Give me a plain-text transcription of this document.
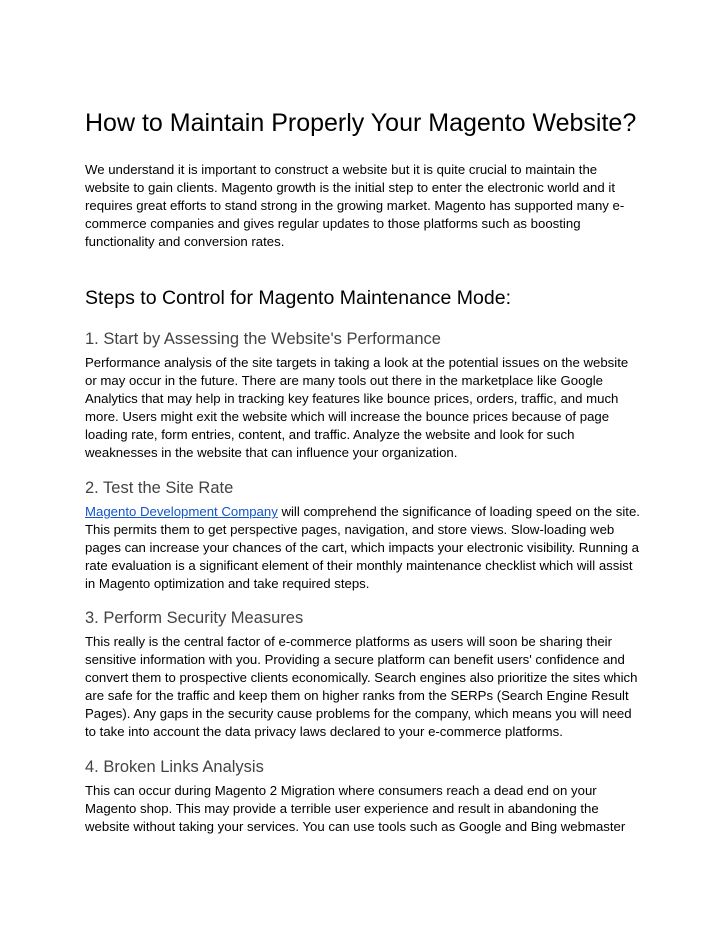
How to Maintain Properly Your Magento Website?

We understand it is important to construct a website but it is quite crucial to maintain the website to gain clients. Magento growth is the initial step to enter the electronic world and it requires great efforts to stand strong in the growing market. Magento has supported many e-commerce companies and gives regular updates to those platforms such as boosting functionality and conversion rates.

Steps to Control for Magento Maintenance Mode:
1. Start by Assessing the Website's Performance

Performance analysis of the site targets in taking a look at the potential issues on the website or may occur in the future. There are many tools out there in the marketplace like Google Analytics that may help in tracking key features like bounce prices, orders, traffic, and much more. Users might exit the website which will increase the bounce prices because of page loading rate, form entries, content, and traffic. Analyze the website and look for such weaknesses in the website that can influence your organization.

2. Test the Site Rate

Magento Development Company will comprehend the significance of loading speed on the site. This permits them to get perspective pages, navigation, and store views. Slow-loading web pages can increase your chances of the cart, which impacts your electronic visibility. Running a rate evaluation is a significant element of their monthly maintenance checklist which will assist in Magento optimization and take required steps.

3. Perform Security Measures

This really is the central factor of e-commerce platforms as users will soon be sharing their sensitive information with you. Providing a secure platform can benefit users' confidence and convert them to prospective clients economically. Search engines also prioritize the sites which are safe for the traffic and keep them on higher ranks from the SERPs (Search Engine Result Pages). Any gaps in the security cause problems for the company, which means you will need to take into account the data privacy laws declared to your e-commerce platforms.

4. Broken Links Analysis

This can occur during Magento 2 Migration where consumers reach a dead end on your Magento shop. This may provide a terrible user experience and result in abandoning the website without taking your services. You can use tools such as Google and Bing webmaster
